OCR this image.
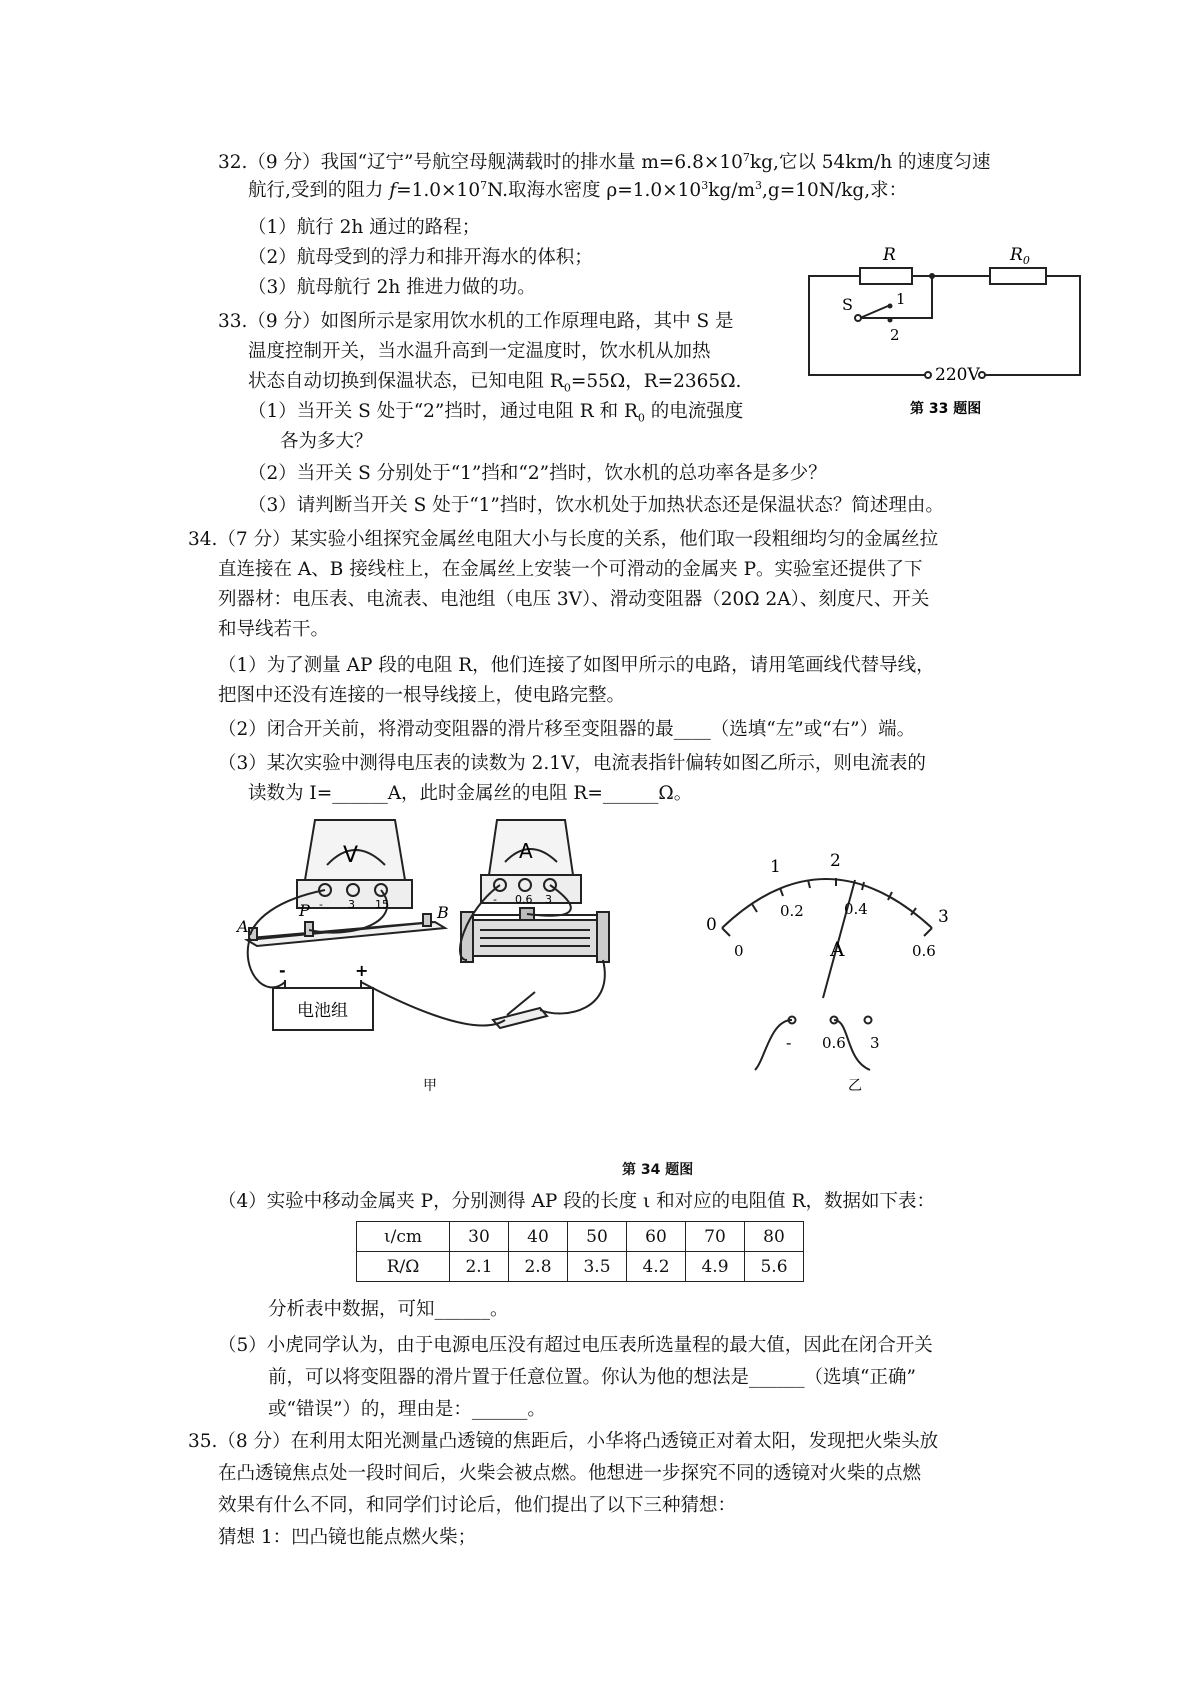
32.（9 分）我国“辽宁”号航空母舰满载时的排水量 $m=6.8\times 10^7kg$,它以 54km/h 的速度匀速
航行,受到的阻力 $f=1.0\times 10^7N$.取海水密度 $\rho=1.0\times 10^3kg/m^3,g=10N/kg$,求：
（1）航行 2h 通过的路程；
（2）航母受到的浮力和排开海水的体积；
（3）航母航行 2h 推进力做的功。
33.（9 分）如图所示是家用饮水机的工作原理电路，其中 S 是
温度控制开关，当水温升高到一定温度时，饮水机从加热
状态自动切换到保温状态，已知电阻 $R_0=55\Omega$，R=2365Ω.
（1）当开关 S 处于“2”挡时，通过电阻 R 和 $R_0$ 的电流强度
各为多大？
（2）当开关 S 分别处于“1”挡和“2”挡时，饮水机的总功率各是多少？
（3）请判断当开关 S 处于“1”挡时，饮水机处于加热状态还是保温状态？简述理由。
R	$R_0$
S	1
2
220V
第 33 题图
34.（7 分）某实验小组探究金属丝电阻大小与长度的关系，他们取一段粗细均匀的金属丝拉
直连接在 A、B 接线柱上，在金属丝上安装一个可滑动的金属夹 P。实验室还提供了下
列器材：电压表、电流表、电池组（电压 3V）、滑动变阻器（20Ω 2A）、刻度尺、开关
和导线若干。
（1）为了测量 AP 段的电阻 R，他们连接了如图甲所示的电路，请用笔画线代替导线，
把图中还没有连接的一根导线接上，使电路完整。
（2）闭合开关前，将滑动变阻器的滑片移至变阻器的最____（选填“左”或“右”）端。
（3）某次实验中测得电压表的读数为 2.1V，电流表指针偏转如图乙所示，则电流表的
读数为 I=______A，此时金属丝的电阻 R=______Ω。
V	A
- 3 15	- 0.6 3
A
P	B
-	+
电池组
甲
0
1	2
3
0
0.2	0.4
0.6
A
- 0.6 3
乙
第 34 题图
（4）实验中移动金属夹 P，分别测得 AP 段的长度 ι 和对应的电阻值 R，数据如下表：
ι/cm	30	40	50	60	70	80
R/Ω	2.1	2.8	3.5	4.2	4.9	5.6
分析表中数据，可知______。
（5）小虎同学认为，由于电源电压没有超过电压表所选量程的最大值，因此在闭合开关
前，可以将变阻器的滑片置于任意位置。你认为他的想法是______（选填“正确”
或“错误”）的，理由是：______。
35.（8 分）在利用太阳光测量凸透镜的焦距后，小华将凸透镜正对着太阳，发现把火柴头放
在凸透镜焦点处一段时间后，火柴会被点燃。他想进一步探究不同的透镜对火柴的点燃
效果有什么不同，和同学们讨论后，他们提出了以下三种猜想：
猜想 1：凹凸镜也能点燃火柴；
